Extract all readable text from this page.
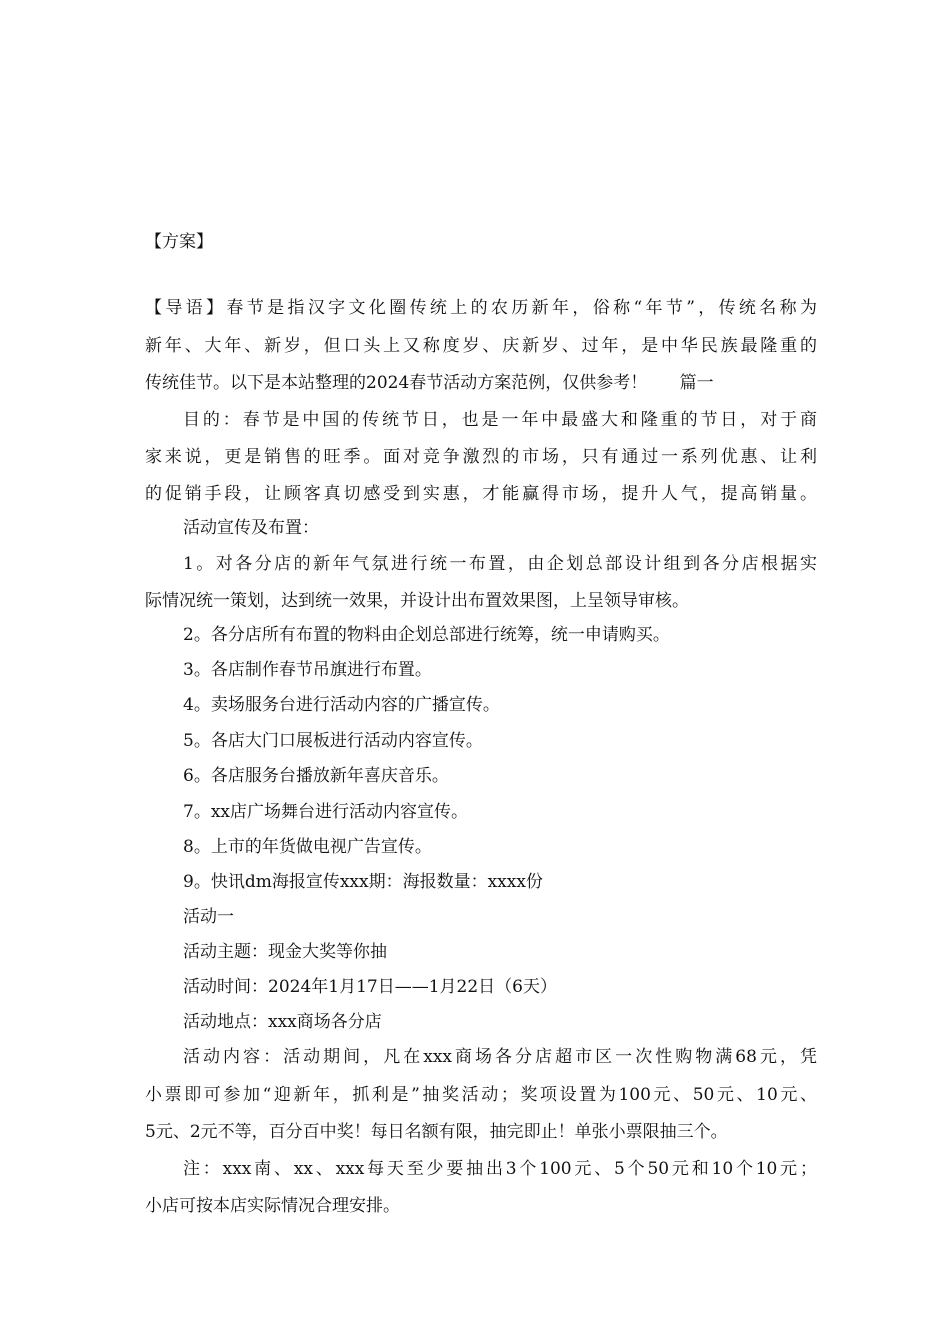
【方案】
【导语】春节是指汉字文化圈传统上的农历新年，俗称“年节”，传统名称为
新年、大年、新岁，但口头上又称度岁、庆新岁、过年，是中华民族最隆重的
传统佳节。以下是本站整理的2024春节活动方案范例，仅供参考！      篇一
目的：春节是中国的传统节日，也是一年中最盛大和隆重的节日，对于商
家来说，更是销售的旺季。面对竞争激烈的市场，只有通过一系列优惠、让利
的促销手段，让顾客真切感受到实惠，才能赢得市场，提升人气，提高销量。
活动宣传及布置：
1。对各分店的新年气氛进行统一布置，由企划总部设计组到各分店根据实
际情况统一策划，达到统一效果，并设计出布置效果图，上呈领导审核。
2。各分店所有布置的物料由企划总部进行统筹，统一申请购买。
3。各店制作春节吊旗进行布置。
4。卖场服务台进行活动内容的广播宣传。
5。各店大门口展板进行活动内容宣传。
6。各店服务台播放新年喜庆音乐。
7。xx店广场舞台进行活动内容宣传。
8。上市的年货做电视广告宣传。
9。快讯dm海报宣传xxx期：海报数量：xxxx份
活动一
活动主题：现金大奖等你抽
活动时间：2024年1月17日——1月22日（6天）
活动地点：xxx商场各分店
活动内容：活动期间，凡在xxx商场各分店超市区一次性购物满68元，凭
小票即可参加“迎新年，抓利是”抽奖活动；奖项设置为100元、50元、10元、
5元、2元不等，百分百中奖！每日名额有限，抽完即止！单张小票限抽三个。
注：xxx南、xx、xxx每天至少要抽出3个100元、5个50元和10个10元；
小店可按本店实际情况合理安排。
